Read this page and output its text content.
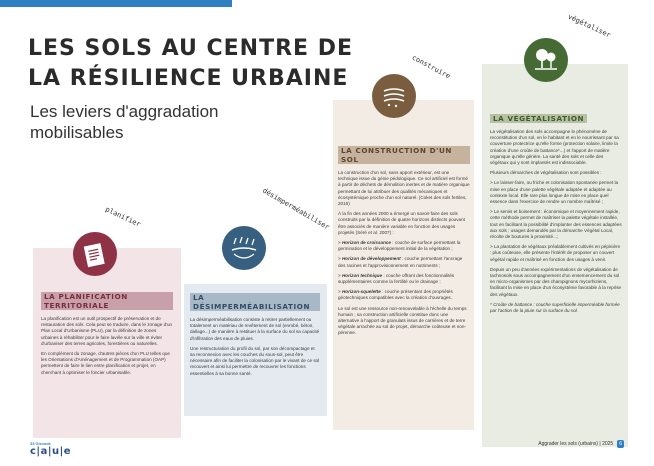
LES SOLS AU CENTRE DE
LA RÉSILIENCE URBAINE
Les leviers d'aggradation mobilisables
LA PLANIFICATION TERRITORIALE

La planification est un outil prospectif de préservation et de restauration des sols. Cela peut se traduire, dans le zonage d'un Plan Local d'Urbanisme (PLU), par la définition de zones urbaines à réhabiliter pour le faire lavéle sur la ville et éviter d'urbaniser des terres agricoles, forestières ou naturelles.

En complément du zonage, d'autres pièces d'un PLU telles que les Orientations d'Aménagement et de Programmation (OAP) permettent de faire le lien entre planification et projet, en cherchant à optimiser le foncier urbanisable.

planifier
LA DÉSIMPERMÉABILISATION

La désimperméabilisation consiste à retirer partiellement ou totalement un matériau de revêtement de sol (enrobé, béton, dallage...) de manière à restituer à la surface du sol sa capacité d'infiltration des eaux de pluies.

Une restructuration du profil du sol, par son décompactage et sa reconnexion avec les couches du sous-sol, peut être nécessaire afin de faciliter la colonisation par le vivant de ce sol recouvert et ainsi lui permettre de recouvrer les fonctions essentielles à sa bonne santé.

désimperméabiliser
LA CONSTRUCTION D'UN SOL

La construction d'un sol, sans apport extérieur, est une technique issue du génie pédologique. Ce sol artificiel est formé à partir de déchets de démolition inertes et de matière organique permettant de lui attribuer des qualités mécaniques et écosystémique proche d'un sol naturel. (Coket des sols fertiles, 2016)

À la fin des années 2000 a émergé un savoir-faire des sols construits par la définition de quatre horizons distincts pouvant être associés de manière variable en fonction des usages projetés (Séré et al. 2007) :

> Horizon de croissance : couche de surface permettant la germination et le développement initial de la végétation ;
> Horizon de développement : couche permettant l'ancrage des racines et l'approvisionnement en nutriments ;
> Horizon technique : couche offrant des fonctionnalités supplémentaires comme la fertilité ou le drainage ;
> Horizon-squelette : couche présentant des propriétés géotechniques compatibles avec la création d'ouvrages.

Le sol est une ressource non-renouvelable à l'échelle du temps humain ; sa construction artificielle constitue donc une alternative à l'apport de granulats issus de carrières et de terre végétale arrachée au sol de projet, démarche coûteuse et non-pérenne.

construire
LA VÉGÉTALISATION

La végétalisation des sols accompagne le phénomène de reconstitution d'un sol, en le habitant et en le nourrissant par sa couverture protectrice qu'elle forme (protection solaire, limite la création d'une croûte de battance*...) et l'apport de matière organique qu'elle génère. La santé des sols et celle des végétaux qui y sont implantés est indissociable.

Plusieurs démarches de végétalisation sont possibles :

> Le laisser-faire, ou friche et colonisation spontanée permet la mise en place d'une palette végétale adaptée et adaptée au contexte local. Elle rare plus longue de mise en place quel essence dans l'exercice de rendre un nombre maîtrisé ;
> Le semis et boisement : économique et moyennement rapide, cette méthode permet de maîtriser la palette végétale installée, tout en facilitant la possibilité d'implanter des essences adaptées aux sols ; usages demandés par la démarche Végétal Local, récolte de boutures à proximité...;
> La plantation de végétaux préalablement cultivés en pépinière : plus coûteuse, elle présente l'intérêt de proposer un couvert végétal rapide et maîtrisé en fonction des usages à venir.

Depuis un peu d'années expérimentations de végétalisation de tachnosols sous accompagnement d'un ensemencement du sol en micro-organismes par des champignons mycorhiziens, facilitant la mise en place d'un écosystème favorable à la reprise des végétaux.

* Croûte de battance : couche superficielle imperméable formée par l'action de la pluie sur la surface du sol.

végétaliser
33 Gironde
c|a|u|e
Aggrader les sols (urbains) | 2025	6
